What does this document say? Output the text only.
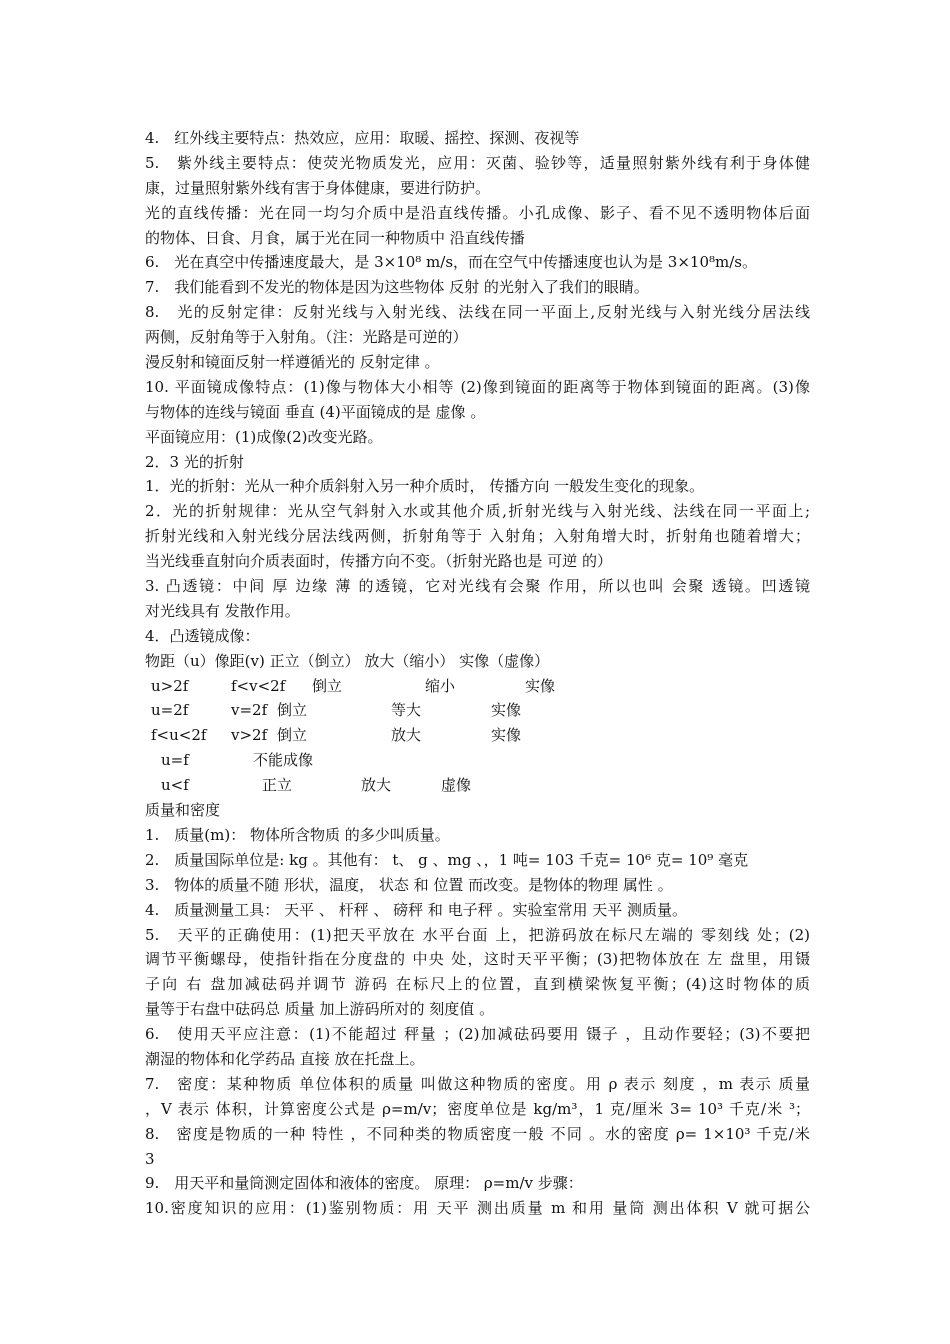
4.　红外线主要特点：热效应，应用：取暖、摇控、探测、夜视等
5.　紫外线主要特点：使荧光物质发光，应用：灭菌、验钞等，适量照射紫外线有利于身体健
康，过量照射紫外线有害于身体健康，要进行防护。
光的直线传播：光在同一均匀介质中是沿直线传播。小孔成像、影子、看不见不透明物体后面
的物体、日食、月食，属于光在同一种物质中 沿直线传播
6.　光在真空中传播速度最大，是 3×10⁸ m/s，而在空气中传播速度也认为是 3×10⁸m/s。
7.　我们能看到不发光的物体是因为这些物体 反射 的光射入了我们的眼睛。
8.　光的反射定律：反射光线与入射光线、法线在同一平面上,反射光线与入射光线分居法线
两侧，反射角等于入射角。（注：光路是可逆的）
漫反射和镜面反射一样遵循光的 反射定律 。
10. 平面镜成像特点：(1)像与物体大小相等 (2)像到镜面的距离等于物体到镜面的距离。(3)像
与物体的连线与镜面 垂直 (4)平面镜成的是 虚像 。
平面镜应用：(1)成像(2)改变光路。
2．3 光的折射
1．光的折射：光从一种介质斜射入另一种介质时， 传播方向 一般发生变化的现象。
2．光的折射规律：光从空气斜射入水或其他介质,折射光线与入射光线、法线在同一平面上;
折射光线和入射光线分居法线两侧，折射角等于 入射角；入射角增大时，折射角也随着增大；
当光线垂直射向介质表面时，传播方向不变。（折射光路也是 可逆 的）
3. 凸透镜：中间 厚 边缘 薄 的透镜，它对光线有会聚 作用，所以也叫 会聚 透镜。凹透镜
对光线具有 发散作用。
4．凸透镜成像：
物距（u）像距(v) 正立（倒立） 放大（缩小） 实像（虚像）
u>2f	f<v<2f 倒立	缩小	实像
u=2f	v=2f 倒立	等大	实像
f<u<2f v>2f 倒立	放大	实像
u=f	不能成像
u<f	正立	放大	虚像
质量和密度
1.　质量(m)： 物体所含物质 的多少叫质量。
2.　质量国际单位是: kg 。其他有： t、 g 、mg 、，1 吨= 103 千克= 10⁶ 克= 10⁹ 毫克
3.　物体的质量不随 形状，温度， 状态 和 位置 而改变。是物体的物理 属性 。
4.　质量测量工具： 天平 、 杆秤 、 磅秤 和 电子秤 。实验室常用 天平 测质量。
5.　天平的正确使用：(1)把天平放在 水平台面 上，把游码放在标尺左端的 零刻线 处；(2)
调节平衡螺母，使指针指在分度盘的 中央 处，这时天平平衡；(3)把物体放在 左 盘里，用镊
子向 右 盘加减砝码并调节 游码 在标尺上的位置，直到横梁恢复平衡；(4)这时物体的质
量等于右盘中砝码总 质量 加上游码所对的 刻度值 。
6.　使用天平应注意：(1)不能超过 秤量 ；(2)加减砝码要用 镊子 ，且动作要轻；(3)不要把
潮湿的物体和化学药品 直接 放在托盘上。
7.　密度：某种物质 单位体积的质量 叫做这种物质的密度。用 ρ 表示 刻度 ，m 表示 质量
，V 表示 体积，计算密度公式是 ρ=m/v；密度单位是 kg/m³，1 克/厘米 3= 10³ 千克/米 ³；
8.　密度是物质的一种 特性 ，不同种类的物质密度一般 不同 。水的密度 ρ= 1×10³ 千克/米
3
9.　用天平和量筒测定固体和液体的密度。 原理： ρ=m/v 步骤：
10.密度知识的应用：(1)鉴别物质：用 天平 测出质量 m 和用 量筒 测出体积 V 就可据公
